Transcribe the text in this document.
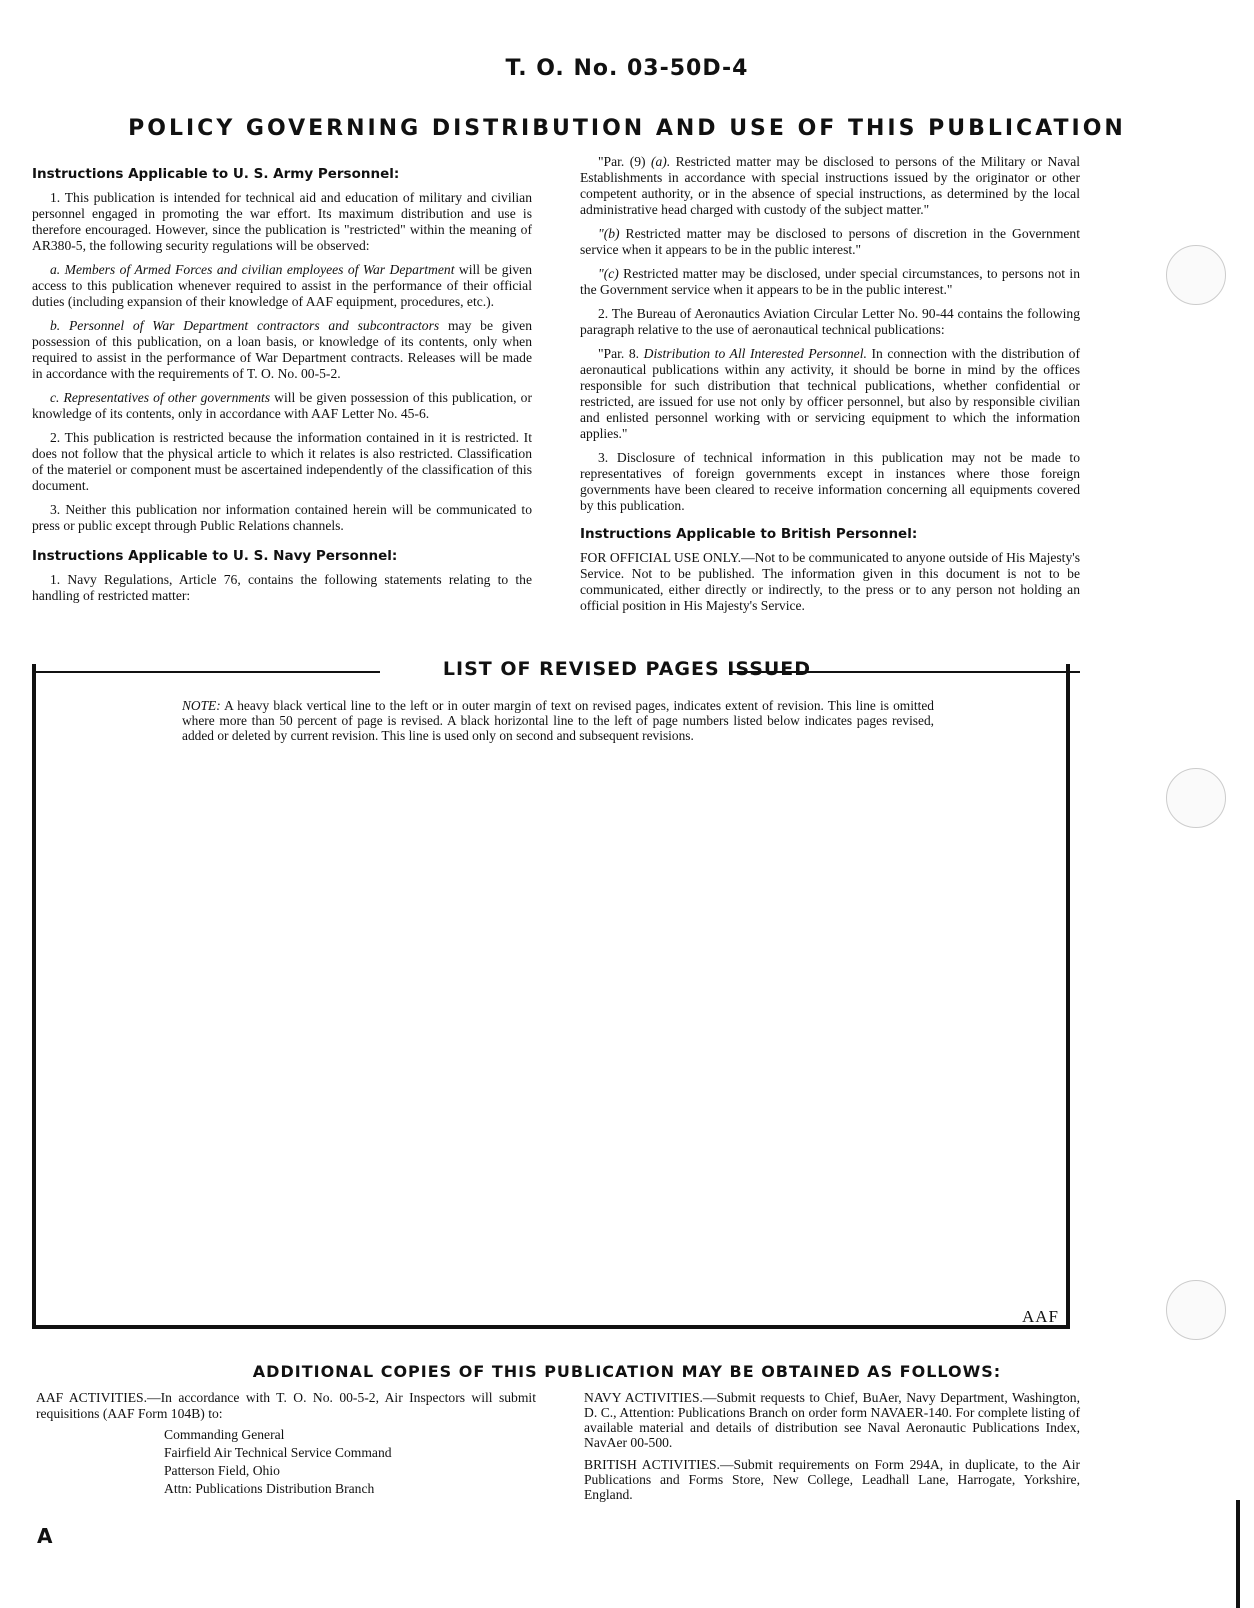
T. O. No. 03-50D-4
POLICY GOVERNING DISTRIBUTION AND USE OF THIS PUBLICATION
Instructions Applicable to U. S. Army Personnel:

1. This publication is intended for technical aid and education of military and civilian personnel engaged in promoting the war effort. Its maximum distribution and use is therefore encouraged. However, since the publication is "restricted" within the meaning of AR380-5, the following security regulations will be observed:

a. Members of Armed Forces and civilian employees of War Department will be given access to this publication whenever required to assist in the performance of their official duties (including expansion of their knowledge of AAF equipment, procedures, etc.).

b. Personnel of War Department contractors and subcontractors may be given possession of this publication, on a loan basis, or knowledge of its contents, only when required to assist in the performance of War Department contracts. Releases will be made in accordance with the requirements of T. O. No. 00-5-2.

c. Representatives of other governments will be given possession of this publication, or knowledge of its contents, only in accordance with AAF Letter No. 45-6.

2. This publication is restricted because the information contained in it is restricted. It does not follow that the physical article to which it relates is also restricted. Classification of the materiel or component must be ascertained independently of the classification of this document.

3. Neither this publication nor information contained herein will be communicated to press or public except through Public Relations channels.

Instructions Applicable to U. S. Navy Personnel:

1. Navy Regulations, Article 76, contains the following statements relating to the handling of restricted matter:

"Par. (9) (a). Restricted matter may be disclosed to persons of the Military or Naval Establishments in accordance with special instructions issued by the originator or other competent authority, or in the absence of special instructions, as determined by the local administrative head charged with custody of the subject matter."

"(b) Restricted matter may be disclosed to persons of discretion in the Government service when it appears to be in the public interest."

"(c) Restricted matter may be disclosed, under special circumstances, to persons not in the Government service when it appears to be in the public interest."

2. The Bureau of Aeronautics Aviation Circular Letter No. 90-44 contains the following paragraph relative to the use of aeronautical technical publications:

"Par. 8. Distribution to All Interested Personnel. In connection with the distribution of aeronautical publications within any activity, it should be borne in mind by the offices responsible for such distribution that technical publications, whether confidential or restricted, are issued for use not only by officer personnel, but also by responsible civilian and enlisted personnel working with or servicing equipment to which the information applies."

3. Disclosure of technical information in this publication may not be made to representatives of foreign governments except in instances where those foreign governments have been cleared to receive information concerning all equipments covered by this publication.

Instructions Applicable to British Personnel:

FOR OFFICIAL USE ONLY.—Not to be communicated to anyone outside of His Majesty's Service. Not to be published. The information given in this document is not to be communicated, either directly or indirectly, to the press or to any person not holding an official position in His Majesty's Service.

LIST OF REVISED PAGES ISSUED
NOTE: A heavy black vertical line to the left or in outer margin of text on revised pages, indicates extent of revision. This line is omitted where more than 50 percent of page is revised. A black horizontal line to the left of page numbers listed below indicates pages revised, added or deleted by current revision. This line is used only on second and subsequent revisions.
AAF
ADDITIONAL COPIES OF THIS PUBLICATION MAY BE OBTAINED AS FOLLOWS:

AAF ACTIVITIES.—In accordance with T. O. No. 00-5-2, Air Inspectors will submit requisitions (AAF Form 104B) to:

Commanding General
Fairfield Air Technical Service Command
Patterson Field, Ohio
Attn: Publications Distribution Branch

NAVY ACTIVITIES.—Submit requests to Chief, BuAer, Navy Department, Washington, D. C., Attention: Publications Branch on order form NAVAER-140. For complete listing of available material and details of distribution see Naval Aeronautic Publications Index, NavAer 00-500.

BRITISH ACTIVITIES.—Submit requirements on Form 294A, in duplicate, to the Air Publications and Forms Store, New College, Leadhall Lane, Harrogate, Yorkshire, England.

A
